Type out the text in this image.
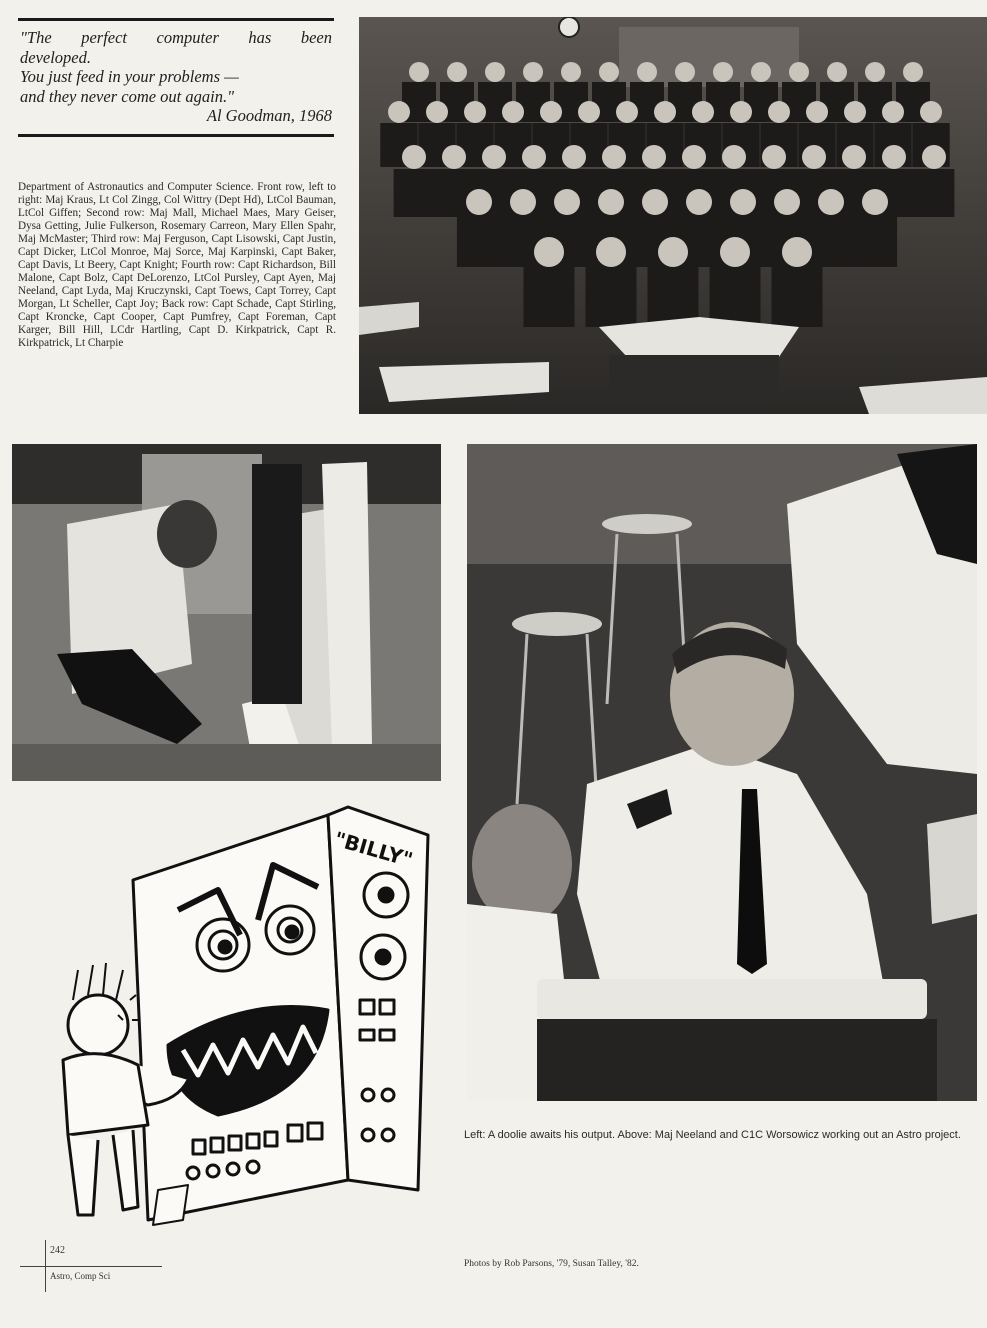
"The perfect computer has been
developed.
You just feed in your problems —
and they never come out again."
Al Goodman, 1968
Department of Astronautics and Computer Science. Front row, left to right: Maj Kraus, Lt Col Zingg, Col Wittry (Dept Hd), LtCol Bauman, LtCol Giffen; Second row: Maj Mall, Michael Maes, Mary Geiser, Dysa Getting, Julie Fulkerson, Rosemary Carreon, Mary Ellen Spahr, Maj McMaster; Third row: Maj Ferguson, Capt Lisowski, Capt Justin, Capt Dicker, LtCol Monroe, Maj Sorce, Maj Karpinski, Capt Baker, Capt Davis, Lt Beery, Capt Knight; Fourth row: Capt Richardson, Bill Malone, Capt Bolz, Capt DeLorenzo, LtCol Pursley, Capt Ayen, Maj Neeland, Capt Lyda, Maj Kruczynski, Capt Toews, Capt Torrey, Capt Morgan, Lt Scheller, Capt Joy; Back row: Capt Schade, Capt Stirling, Capt Kroncke, Capt Cooper, Capt Pumfrey, Capt Foreman, Capt Karger, Bill Hill, LCdr Hartling, Capt D. Kirkpatrick, Capt R. Kirkpatrick, Lt Charpie
"BILLY"
Left: A doolie awaits his output. Above: Maj Neeland and C1C Worsowicz working out an Astro project.
Photos by Rob Parsons, '79, Susan Talley, '82.
242
Astro, Comp Sci
